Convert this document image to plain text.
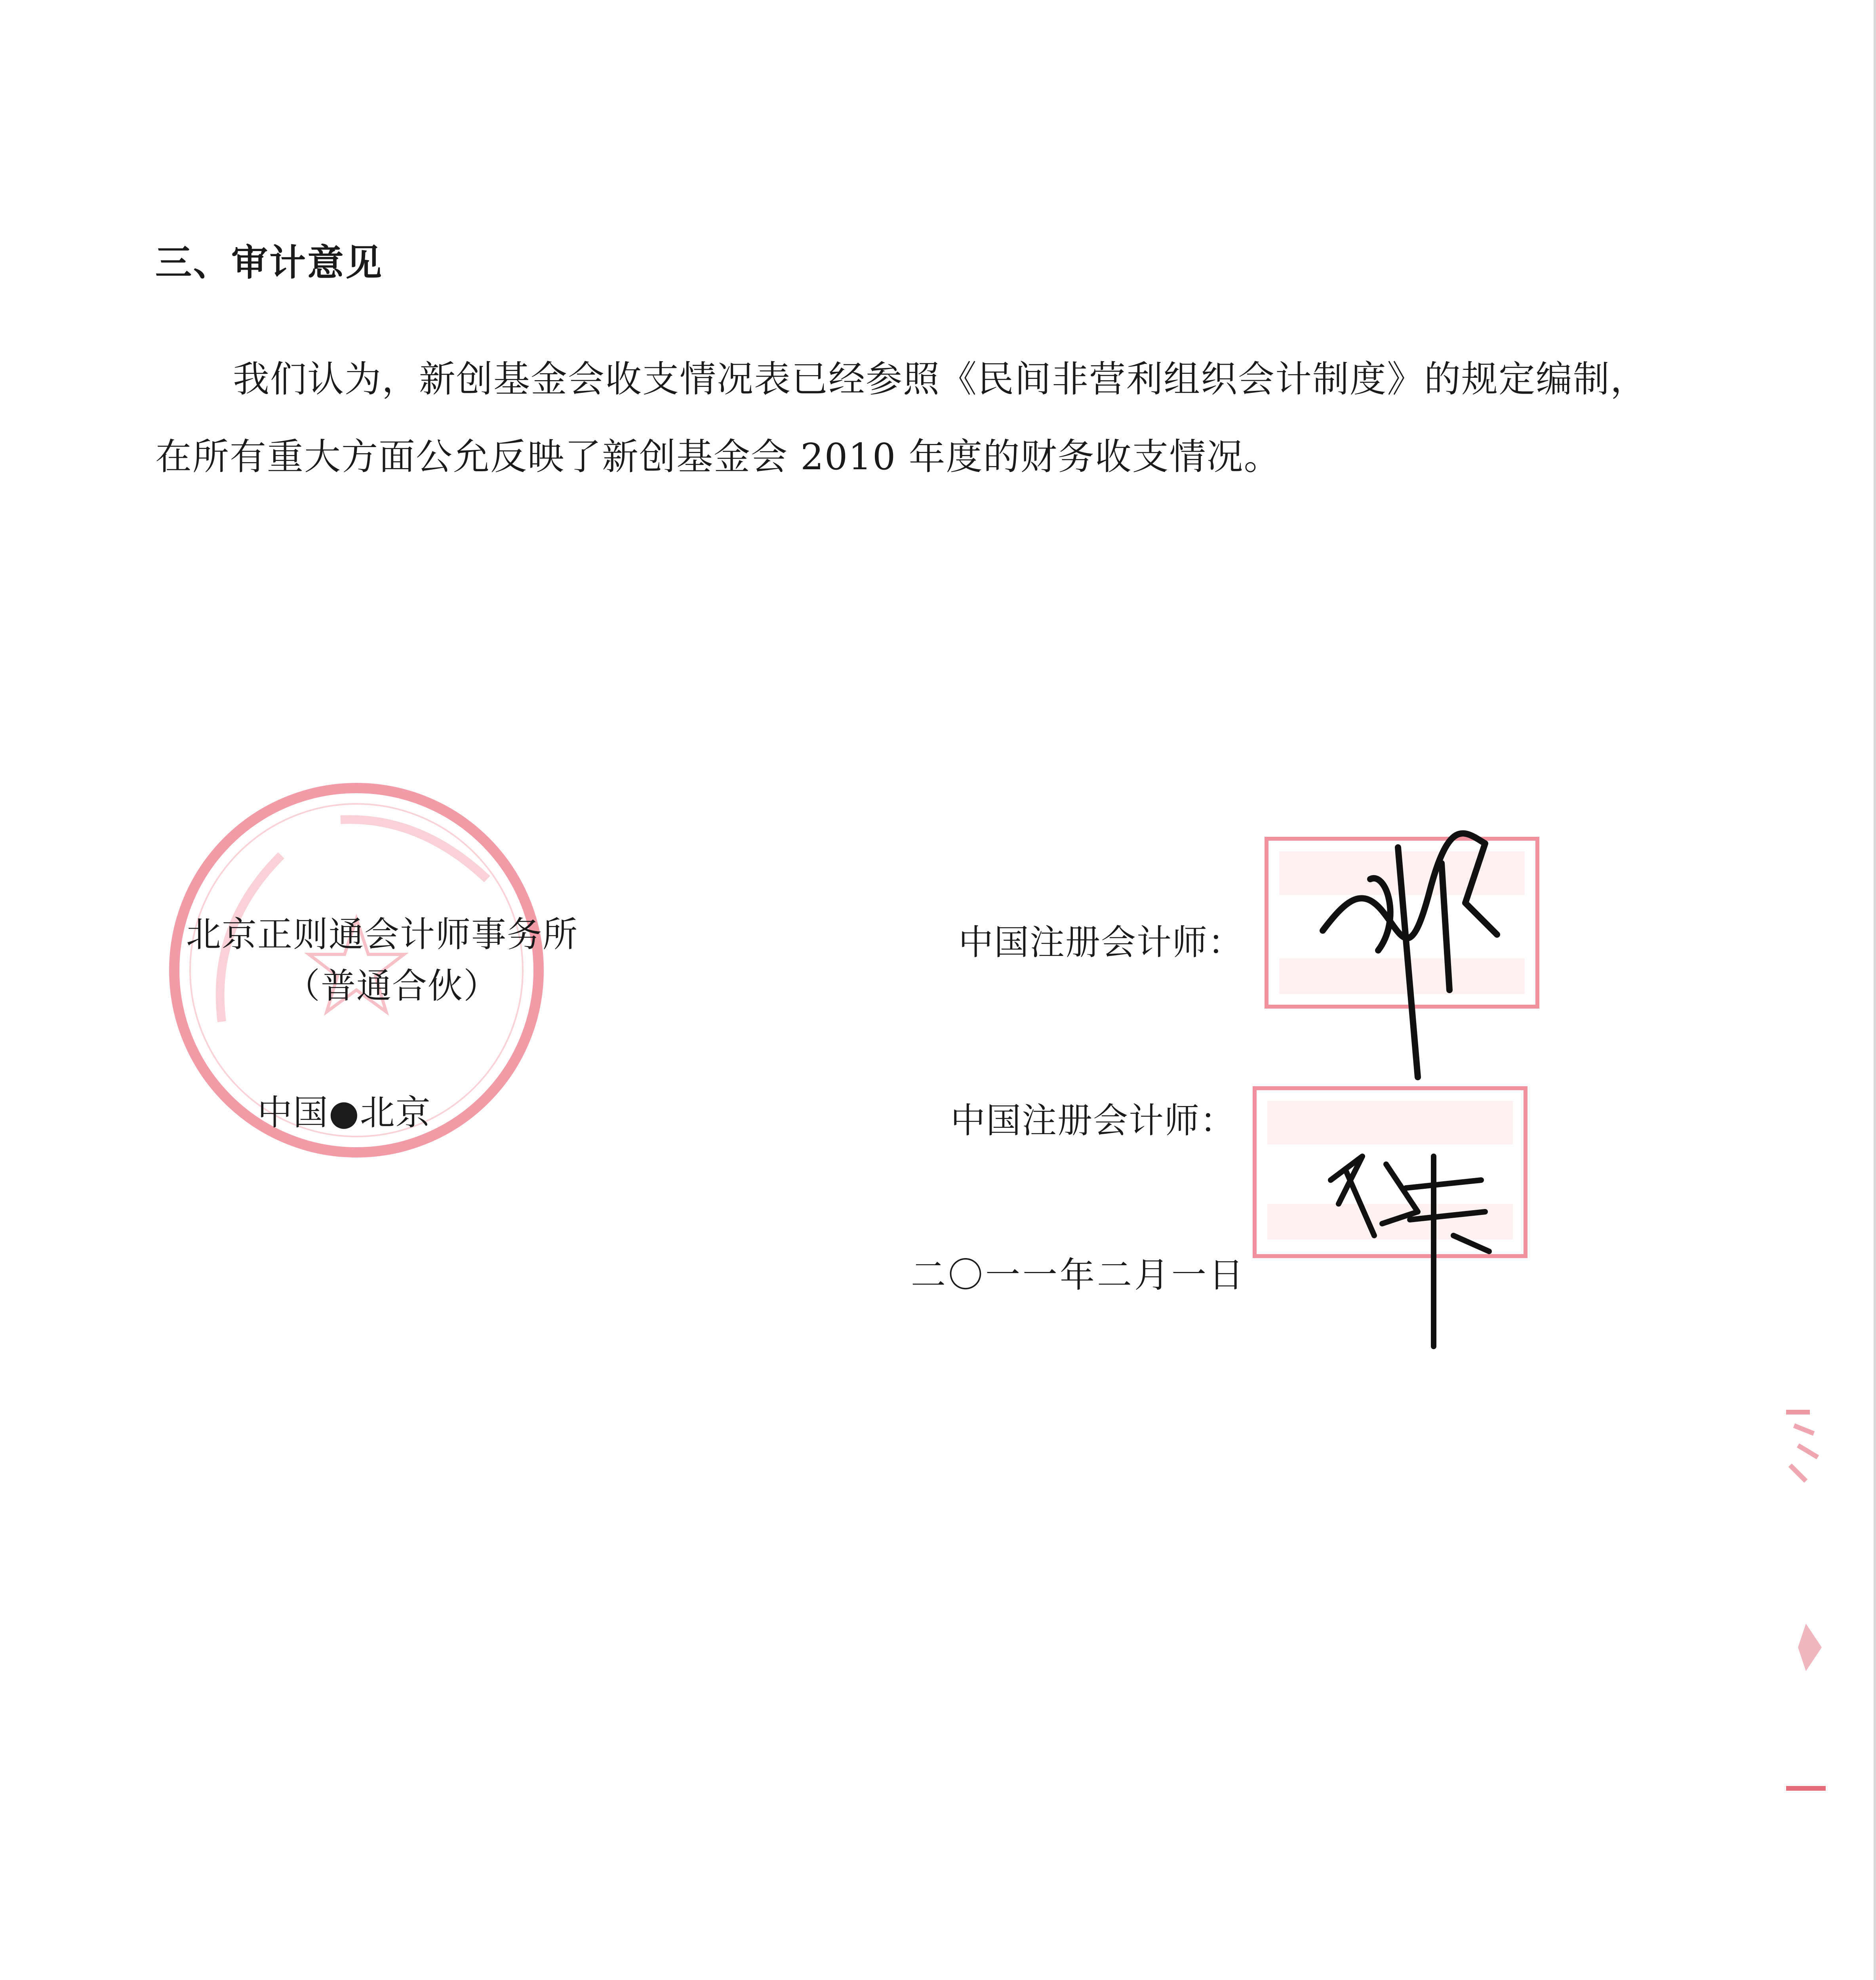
三、审计意见
我们认为，新创基金会收支情况表已经参照《民间非营利组织会计制度》的规定编制，在所有重大方面公允反映了新创基金会 2010 年度的财务收支情况。
北京正则通会计师事务所
（普通合伙）
中国●北京
中国注册会计师：
中国注册会计师：
二〇一一年二月一日
